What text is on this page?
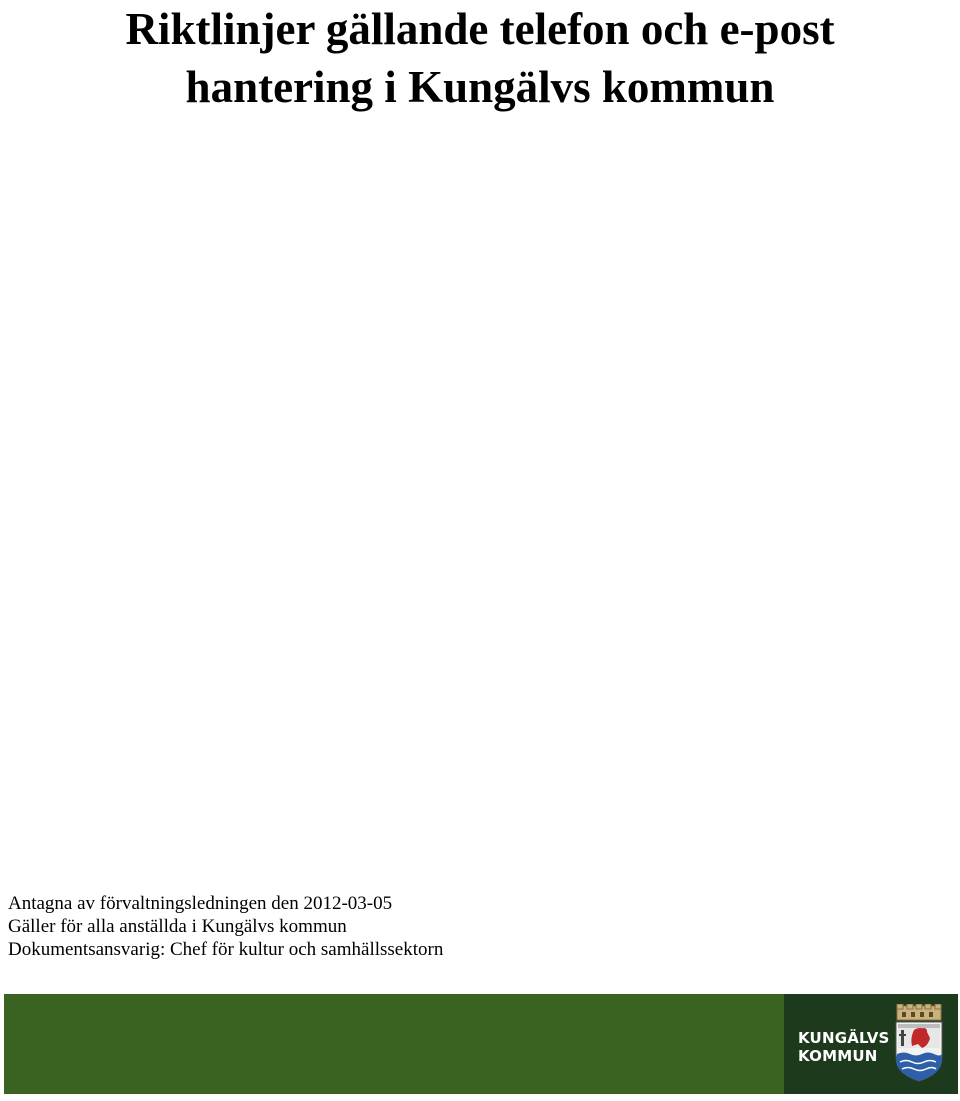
Riktlinjer gällande telefon och e-post
hantering i Kungälvs kommun
Antagna av förvaltningsledningen den 2012-03-05
Gäller för alla anställda i Kungälvs kommun
Dokumentsansvarig: Chef för kultur och samhällssektorn
KUNGÄLVS
KOMMUN
